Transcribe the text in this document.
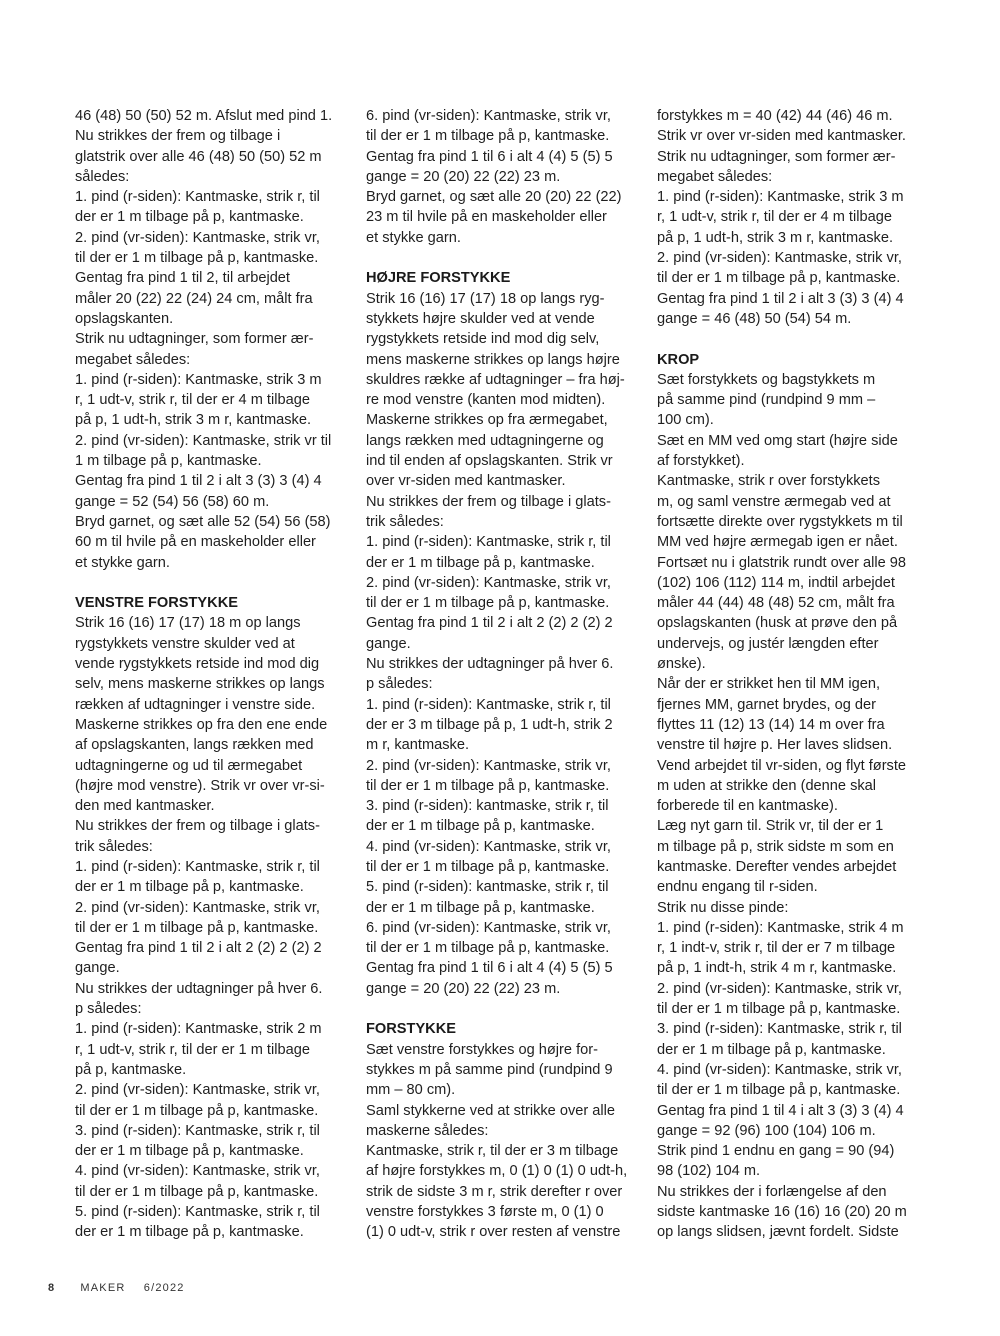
46 (48) 50 (50) 52 m. Afslut med pind 1.

Nu strikkes der frem og tilbage i

glatstrik over alle 46 (48) 50 (50) 52 m

således:

1. pind (r-siden): Kantmaske, strik r, til

der er 1 m tilbage på p, kantmaske.

2. pind (vr-siden): Kantmaske, strik vr,

til der er 1 m tilbage på p, kantmaske.

Gentag fra pind 1 til 2, til arbejdet

måler 20 (22) 22 (24) 24 cm, målt fra

opslagskanten.

Strik nu udtagninger, som former ær-

megabet således:

1. pind (r-siden): Kantmaske, strik 3 m

r, 1 udt-v, strik r, til der er 4 m tilbage

på p, 1 udt-h, strik 3 m r, kantmaske.

2. pind (vr-siden): Kantmaske, strik vr til

1 m tilbage på p, kantmaske.

Gentag fra pind 1 til 2 i alt 3 (3) 3 (4) 4

gange = 52 (54) 56 (58) 60 m.

Bryd garnet, og sæt alle 52 (54) 56 (58)

60 m til hvile på en maskeholder eller

et stykke garn.

VENSTRE FORSTYKKE

Strik 16 (16) 17 (17) 18 m op langs

rygstykkets venstre skulder ved at

vende rygstykkets retside ind mod dig

selv, mens maskerne strikkes op langs

rækken af udtagninger i venstre side.

Maskerne strikkes op fra den ene ende

af opslagskanten, langs rækken med

udtagningerne og ud til ærmegabet

(højre mod venstre). Strik vr over vr-si-

den med kantmasker.

Nu strikkes der frem og tilbage i glats-

trik således:

1. pind (r-siden): Kantmaske, strik r, til

der er 1 m tilbage på p, kantmaske.

2. pind (vr-siden): Kantmaske, strik vr,

til der er 1 m tilbage på p, kantmaske.

Gentag fra pind 1 til 2 i alt 2 (2) 2 (2) 2

gange.

Nu strikkes der udtagninger på hver 6.

p således:

1. pind (r-siden): Kantmaske, strik 2 m

r, 1 udt-v, strik r, til der er 1 m tilbage

på p, kantmaske.

2. pind (vr-siden): Kantmaske, strik vr,

til der er 1 m tilbage på p, kantmaske.

3. pind (r-siden): Kantmaske, strik r, til

der er 1 m tilbage på p, kantmaske.

4. pind (vr-siden): Kantmaske, strik vr,

til der er 1 m tilbage på p, kantmaske.

5. pind (r-siden): Kantmaske, strik r, til

der er 1 m tilbage på p, kantmaske.

6. pind (vr-siden): Kantmaske, strik vr,

til der er 1 m tilbage på p, kantmaske.

Gentag fra pind 1 til 6 i alt 4 (4) 5 (5) 5

gange = 20 (20) 22 (22) 23 m.

Bryd garnet, og sæt alle 20 (20) 22 (22)

23 m til hvile på en maskeholder eller

et stykke garn.

HØJRE FORSTYKKE

Strik 16 (16) 17 (17) 18 op langs ryg-

stykkets højre skulder ved at vende

rygstykkets retside ind mod dig selv,

mens maskerne strikkes op langs højre

skuldres række af udtagninger – fra høj-

re mod venstre (kanten mod midten).

Maskerne strikkes op fra ærmegabet,

langs rækken med udtagningerne og

ind til enden af opslagskanten. Strik vr

over vr-siden med kantmasker.

Nu strikkes der frem og tilbage i glats-

trik således:

1. pind (r-siden): Kantmaske, strik r, til

der er 1 m tilbage på p, kantmaske.

2. pind (vr-siden): Kantmaske, strik vr,

til der er 1 m tilbage på p, kantmaske.

Gentag fra pind 1 til 2 i alt 2 (2) 2 (2) 2

gange.

Nu strikkes der udtagninger på hver 6.

p således:

1. pind (r-siden): Kantmaske, strik r, til

der er 3 m tilbage på p, 1 udt-h, strik 2

m r, kantmaske.

2. pind (vr-siden): Kantmaske, strik vr,

til der er 1 m tilbage på p, kantmaske.

3. pind (r-siden): kantmaske, strik r, til

der er 1 m tilbage på p, kantmaske.

4. pind (vr-siden): Kantmaske, strik vr,

til der er 1 m tilbage på p, kantmaske.

5. pind (r-siden): kantmaske, strik r, til

der er 1 m tilbage på p, kantmaske.

6. pind (vr-siden): Kantmaske, strik vr,

til der er 1 m tilbage på p, kantmaske.

Gentag fra pind 1 til 6 i alt 4 (4) 5 (5) 5

gange = 20 (20) 22 (22) 23 m.

FORSTYKKE

Sæt venstre forstykkes og højre for-

stykkes m på samme pind (rundpind 9

mm – 80 cm).

Saml stykkerne ved at strikke over alle

maskerne således:

Kantmaske, strik r, til der er 3 m tilbage

af højre forstykkes m, 0 (1) 0 (1) 0 udt-h,

strik de sidste 3 m r, strik derefter r over

venstre forstykkes 3 første m, 0 (1) 0

(1) 0 udt-v, strik r over resten af venstre

forstykkes m = 40 (42) 44 (46) 46 m.

Strik vr over vr-siden med kantmasker.

Strik nu udtagninger, som former ær-

megabet således:

1. pind (r-siden): Kantmaske, strik 3 m

r, 1 udt-v, strik r, til der er 4 m tilbage

på p, 1 udt-h, strik 3 m r, kantmaske.

2. pind (vr-siden): Kantmaske, strik vr,

til der er 1 m tilbage på p, kantmaske.

Gentag fra pind 1 til 2 i alt 3 (3) 3 (4) 4

gange = 46 (48) 50 (54) 54 m.

KROP

Sæt forstykkets og bagstykkets m

på samme pind (rundpind 9 mm –

100 cm).

Sæt en MM ved omg start (højre side

af forstykket).

Kantmaske, strik r over forstykkets

m, og saml venstre ærmegab ved at

fortsætte direkte over rygstykkets m til

MM ved højre ærmegab igen er nået.

Fortsæt nu i glatstrik rundt over alle 98

(102) 106 (112) 114 m, indtil arbejdet

måler 44 (44) 48 (48) 52 cm, målt fra

opslagskanten (husk at prøve den på

undervejs, og justér længden efter

ønske).

Når der er strikket hen til MM igen,

fjernes MM, garnet brydes, og der

flyttes 11 (12) 13 (14) 14 m over fra

venstre til højre p. Her laves slidsen.

Vend arbejdet til vr-siden, og flyt første

m uden at strikke den (denne skal

forberede til en kantmaske).

Læg nyt garn til. Strik vr, til der er 1

m tilbage på p, strik sidste m som en

kantmaske. Derefter vendes arbejdet

endnu engang til r-siden.

Strik nu disse pinde:

1. pind (r-siden): Kantmaske, strik 4 m

r, 1 indt-v, strik r, til der er 7 m tilbage

på p, 1 indt-h, strik 4 m r, kantmaske.

2. pind (vr-siden): Kantmaske, strik vr,

til der er 1 m tilbage på p, kantmaske.

3. pind (r-siden): Kantmaske, strik r, til

der er 1 m tilbage på p, kantmaske.

4. pind (vr-siden): Kantmaske, strik vr,

til der er 1 m tilbage på p, kantmaske.

Gentag fra pind 1 til 4 i alt 3 (3) 3 (4) 4

gange = 92 (96) 100 (104) 106 m.

Strik pind 1 endnu en gang = 90 (94)

98 (102) 104 m.

Nu strikkes der i forlængelse af den

sidste kantmaske 16 (16) 16 (20) 20 m

op langs slidsen, jævnt fordelt. Sidste

8 MAKER 6/2022
